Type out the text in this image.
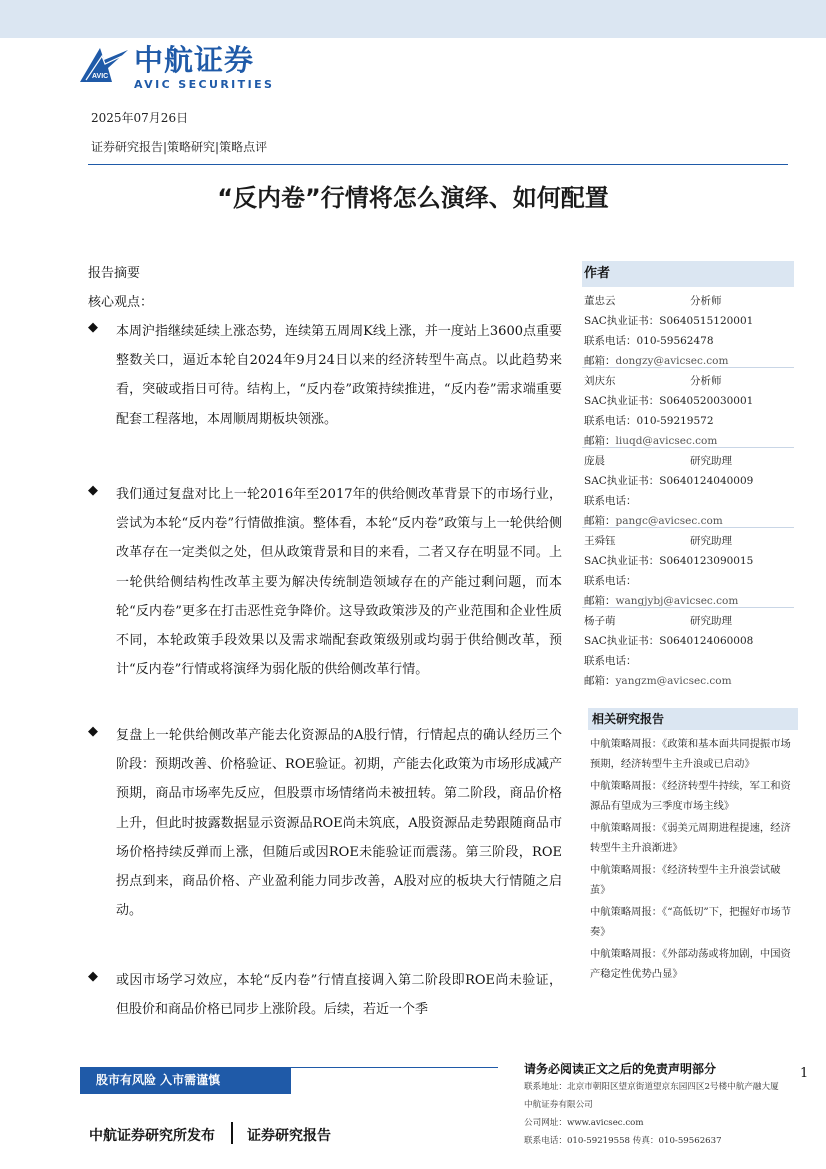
AVIC 中航证券
AVIC SECURITIES
2025年07月26日
证券研究报告|策略研究|策略点评
“反内卷”行情将怎么演绎、如何配置
报告摘要
核心观点：
◆ 本周沪指继续延续上涨态势，连续第五周周K线上涨，并一度站上3600点重要整数关口，逼近本轮自2024年9月24日以来的经济转型牛高点。以此趋势来看，突破或指日可待。结构上，“反内卷”政策持续推进，“反内卷”需求端重要配套工程落地，本周顺周期板块领涨。
◆ 我们通过复盘对比上一轮2016年至2017年的供给侧改革背景下的市场行业，尝试为本轮“反内卷”行情做推演。整体看，本轮“反内卷”政策与上一轮供给侧改革存在一定类似之处，但从政策背景和目的来看，二者又存在明显不同。上一轮供给侧结构性改革主要为解决传统制造领域存在的产能过剩问题，而本轮“反内卷”更多在打击恶性竞争降价。这导致政策涉及的产业范围和企业性质不同，本轮政策手段效果以及需求端配套政策级别或均弱于供给侧改革，预计“反内卷”行情或将演绎为弱化版的供给侧改革行情。
◆ 复盘上一轮供给侧改革产能去化资源品的A股行情，行情起点的确认经历三个阶段：预期改善、价格验证、ROE验证。初期，产能去化政策为市场形成减产预期，商品市场率先反应，但股票市场情绪尚未被扭转。第二阶段，商品价格上升，但此时披露数据显示资源品ROE尚未筑底，A股资源品走势跟随商品市场价格持续反弹而上涨，但随后或因ROE未能验证而震荡。第三阶段，ROE拐点到来，商品价格、产业盈利能力同步改善，A股对应的板块大行情随之启动。
◆ 或因市场学习效应，本轮“反内卷”行情直接调入第二阶段即ROE尚未验证，但股价和商品价格已同步上涨阶段。后续，若近一个季
作者
董忠云	分析师
SAC执业证书：S0640515120001
联系电话：010-59562478
邮箱：dongzy@avicsec.com
刘庆东	分析师
SAC执业证书：S0640520030001
联系电话：010-59219572
邮箱：liuqd@avicsec.com
庞晨	研究助理
SAC执业证书：S0640124040009
联系电话：
邮箱：pangc@avicsec.com
王舜钰	研究助理
SAC执业证书：S0640123090015
联系电话：
邮箱：wangjybj@avicsec.com
杨子萌	研究助理
SAC执业证书：S0640124060008
联系电话：
邮箱：yangzm@avicsec.com
相关研究报告
中航策略周报：《政策和基本面共同提振市场预期，经济转型牛主升浪或已启动》
中航策略周报：《经济转型牛持续，军工和资源品有望成为三季度市场主线》
中航策略周报：《弱美元周期进程提速，经济转型牛主升浪渐进》
中航策略周报：《经济转型牛主升浪尝试破茧》
中航策略周报：《“高低切”下，把握好市场节奏》
中航策略周报：《外部动荡或将加剧，中国资产稳定性优势凸显》
股市有风险 入市需谨慎
请务必阅读正文之后的免责声明部分
联系地址：北京市朝阳区望京街道望京东园四区2号楼中航产融大厦
中航证券有限公司
公司网址：www.avicsec.com
联系电话：010-59219558 传真：010-59562637
1
中航证券研究所发布 证券研究报告
